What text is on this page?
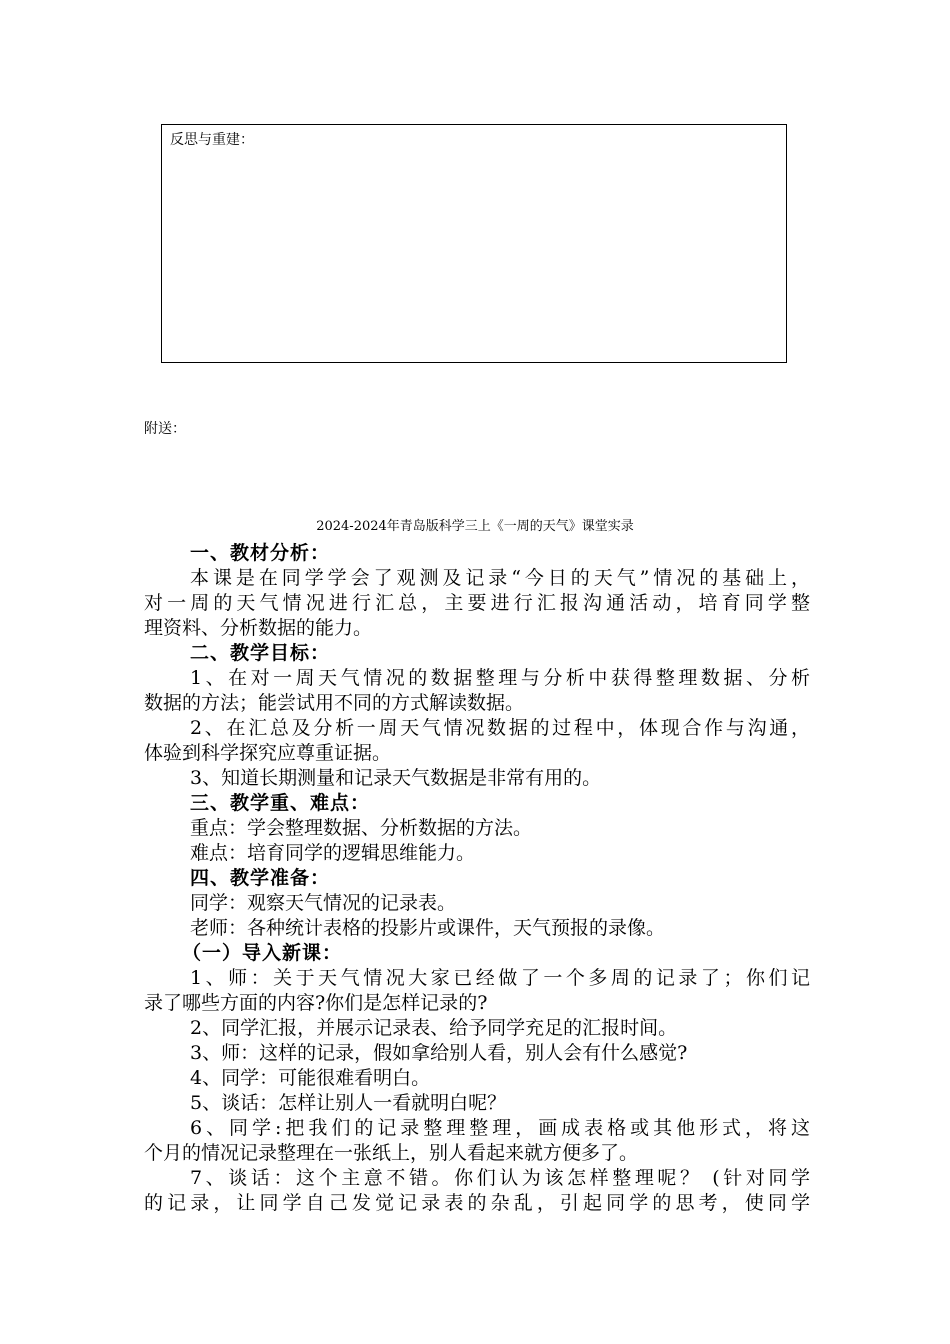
反思与重建：
附送：
2024-2024年青岛版科学三上《一周的天气》课堂实录
一、教材分析：
本课是在同学学会了观测及记录“今日的天气”情况的基础上，
对一周的天气情况进行汇总，主要进行汇报沟通活动，培育同学整
理资料、分析数据的能力。
二、教学目标：
1、在对一周天气情况的数据整理与分析中获得整理数据、分析
数据的方法；能尝试用不同的方式解读数据。
2、在汇总及分析一周天气情况数据的过程中，体现合作与沟通，
体验到科学探究应尊重证据。
3、知道长期测量和记录天气数据是非常有用的。
三、教学重、难点：
重点：学会整理数据、分析数据的方法。
难点：培育同学的逻辑思维能力。
四、教学准备：
同学：观察天气情况的记录表。
老师：各种统计表格的投影片或课件，天气预报的录像。
（一）导入新课：
1、师：关于天气情况大家已经做了一个多周的记录了；你们记
录了哪些方面的内容?你们是怎样记录的?
2、同学汇报，并展示记录表、给予同学充足的汇报时间。
3、师：这样的记录，假如拿给别人看，别人会有什么感觉?
4、同学：可能很难看明白。
5、谈话：怎样让别人一看就明白呢？
6、同学:把我们的记录整理整理，画成表格或其他形式，将这
个月的情况记录整理在一张纸上，别人看起来就方便多了。
7、谈话：这个主意不错。你们认为该怎样整理呢？ (针对同学
的记录，让同学自己发觉记录表的杂乱，引起同学的思考，使同学
